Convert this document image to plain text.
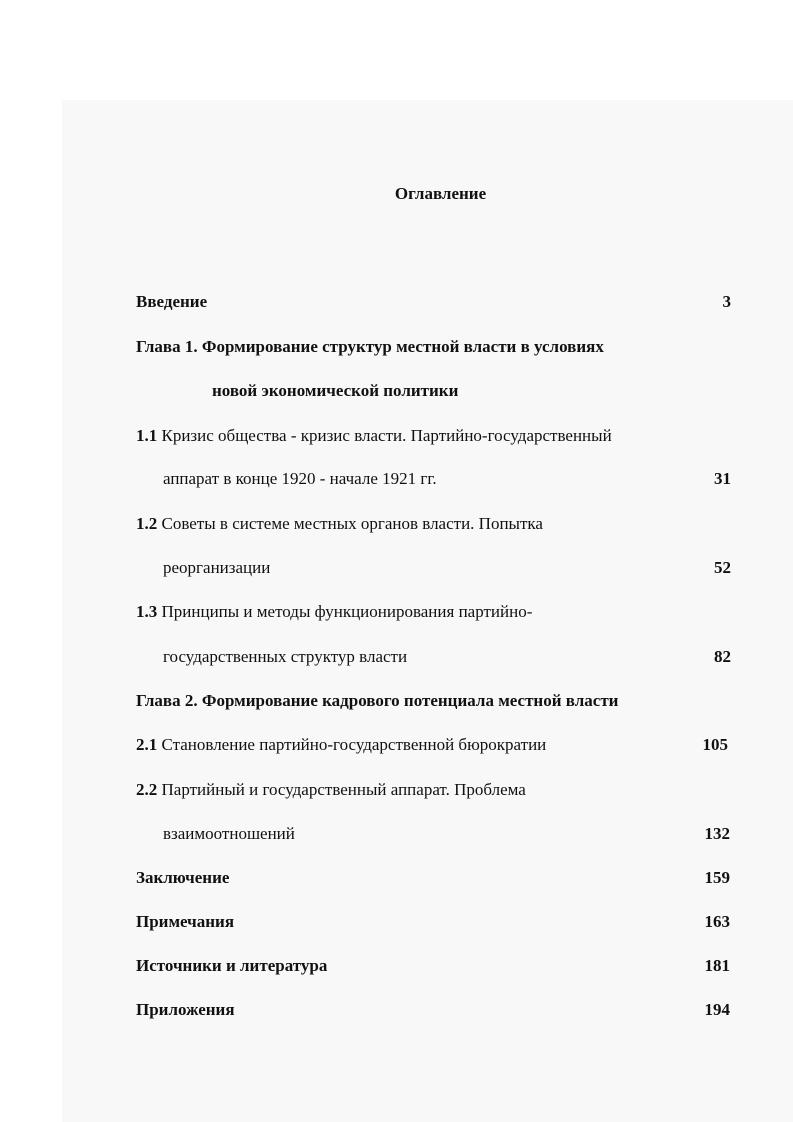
Оглавление
Введение	3
Глава 1. Формирование структур местной власти в условиях
новой экономической политики
1.1 Кризис общества - кризис власти. Партийно-государственный
аппарат в конце 1920 - начале 1921 гг.	31
1.2 Советы в системе местных органов власти. Попытка
реорганизации	52
1.3 Принципы и методы функционирования партийно-
государственных структур власти	82
Глава 2. Формирование кадрового потенциала местной власти
2.1 Становление партийно-государственной бюрократии	105
2.2 Партийный и государственный аппарат. Проблема
взаимоотношений	132
Заключение	159
Примечания	163
Источники и литература	181
Приложения	194
